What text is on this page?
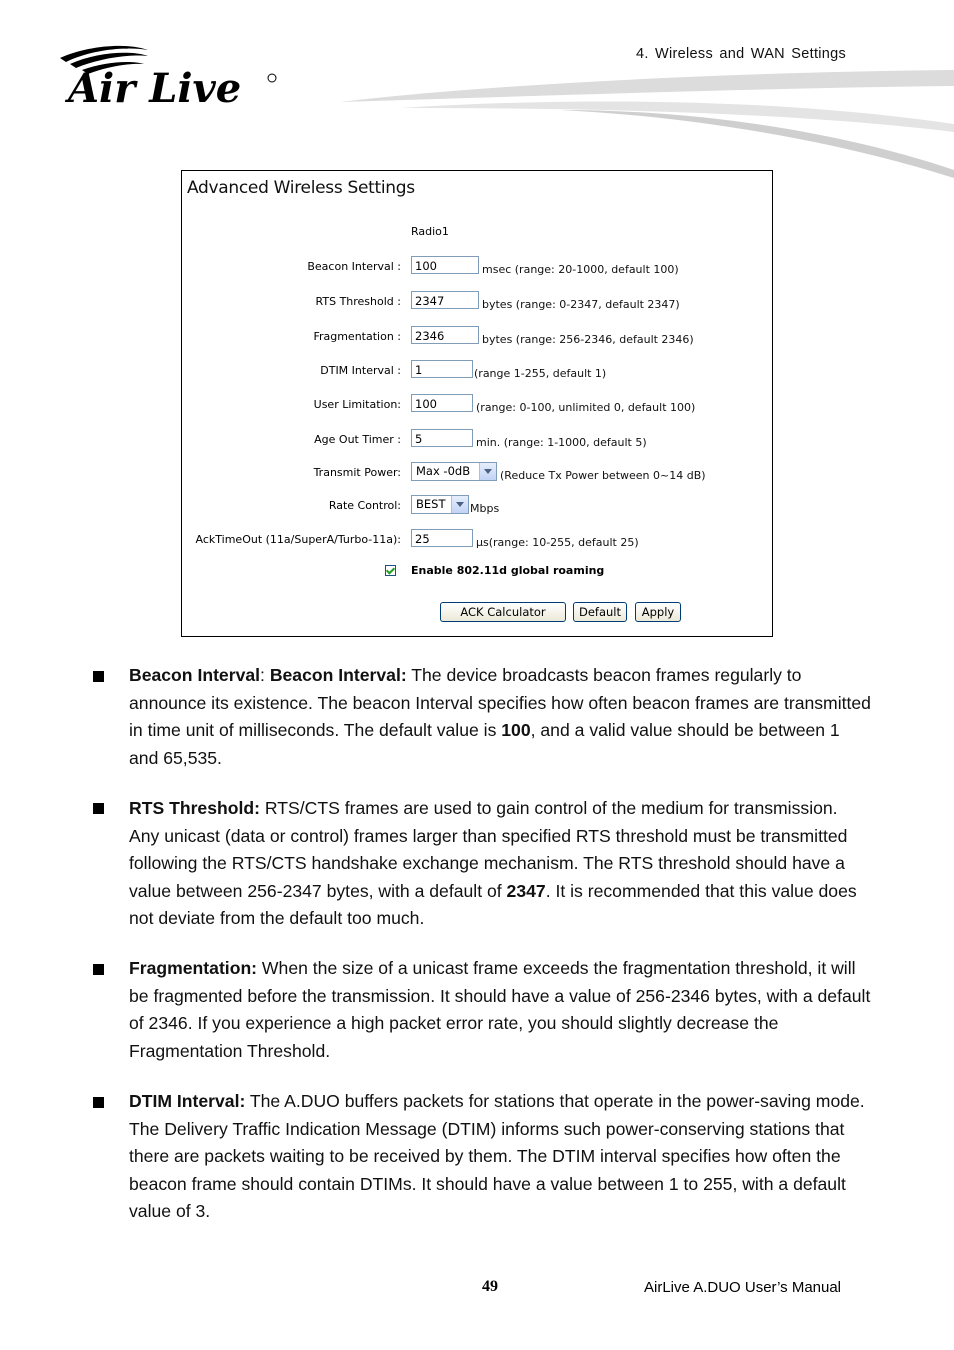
4. Wireless and WAN Settings
Air Live
Advanced Wireless Settings
Radio1
Beacon Interval :	100	msec (range: 20-1000, default 100)
RTS Threshold :	2347	bytes (range: 0-2347, default 2347)
Fragmentation :	2346	bytes (range: 256-2346, default 2346)
DTIM Interval :	1	(range 1-255, default 1)
User Limitation:	100	(range: 0-100, unlimited 0, default 100)
Age Out Timer :	5	min. (range: 1-1000, default 5)
Transmit Power:	Max -0dB	(Reduce Tx Power between 0~14 dB)
Rate Control:	BEST	Mbps
AckTimeOut (11a/SuperA/Turbo-11a):	25	µs(range: 10-255, default 25)
Enable 802.11d global roaming
ACK Calculator	Default	Apply
Beacon Interval: Beacon Interval: The device broadcasts beacon frames regularly to announce its existence. The beacon Interval specifies how often beacon frames are transmitted in time unit of milliseconds. The default value is 100, and a valid value should be between 1 and 65,535.
RTS Threshold: RTS/CTS frames are used to gain control of the medium for transmission. Any unicast (data or control) frames larger than specified RTS threshold must be transmitted following the RTS/CTS handshake exchange mechanism. The RTS threshold should have a value between 256-2347 bytes, with a default of 2347. It is recommended that this value does not deviate from the default too much.
Fragmentation: When the size of a unicast frame exceeds the fragmentation threshold, it will be fragmented before the transmission. It should have a value of 256-2346 bytes, with a default of 2346. If you experience a high packet error rate, you should slightly decrease the Fragmentation Threshold.
DTIM Interval: The A.DUO buffers packets for stations that operate in the power-saving mode. The Delivery Traffic Indication Message (DTIM) informs such power-conserving stations that there are packets waiting to be received by them. The DTIM interval specifies how often the beacon frame should contain DTIMs. It should have a value between 1 to 255, with a default value of 3.
49	AirLive A.DUO User’s Manual
